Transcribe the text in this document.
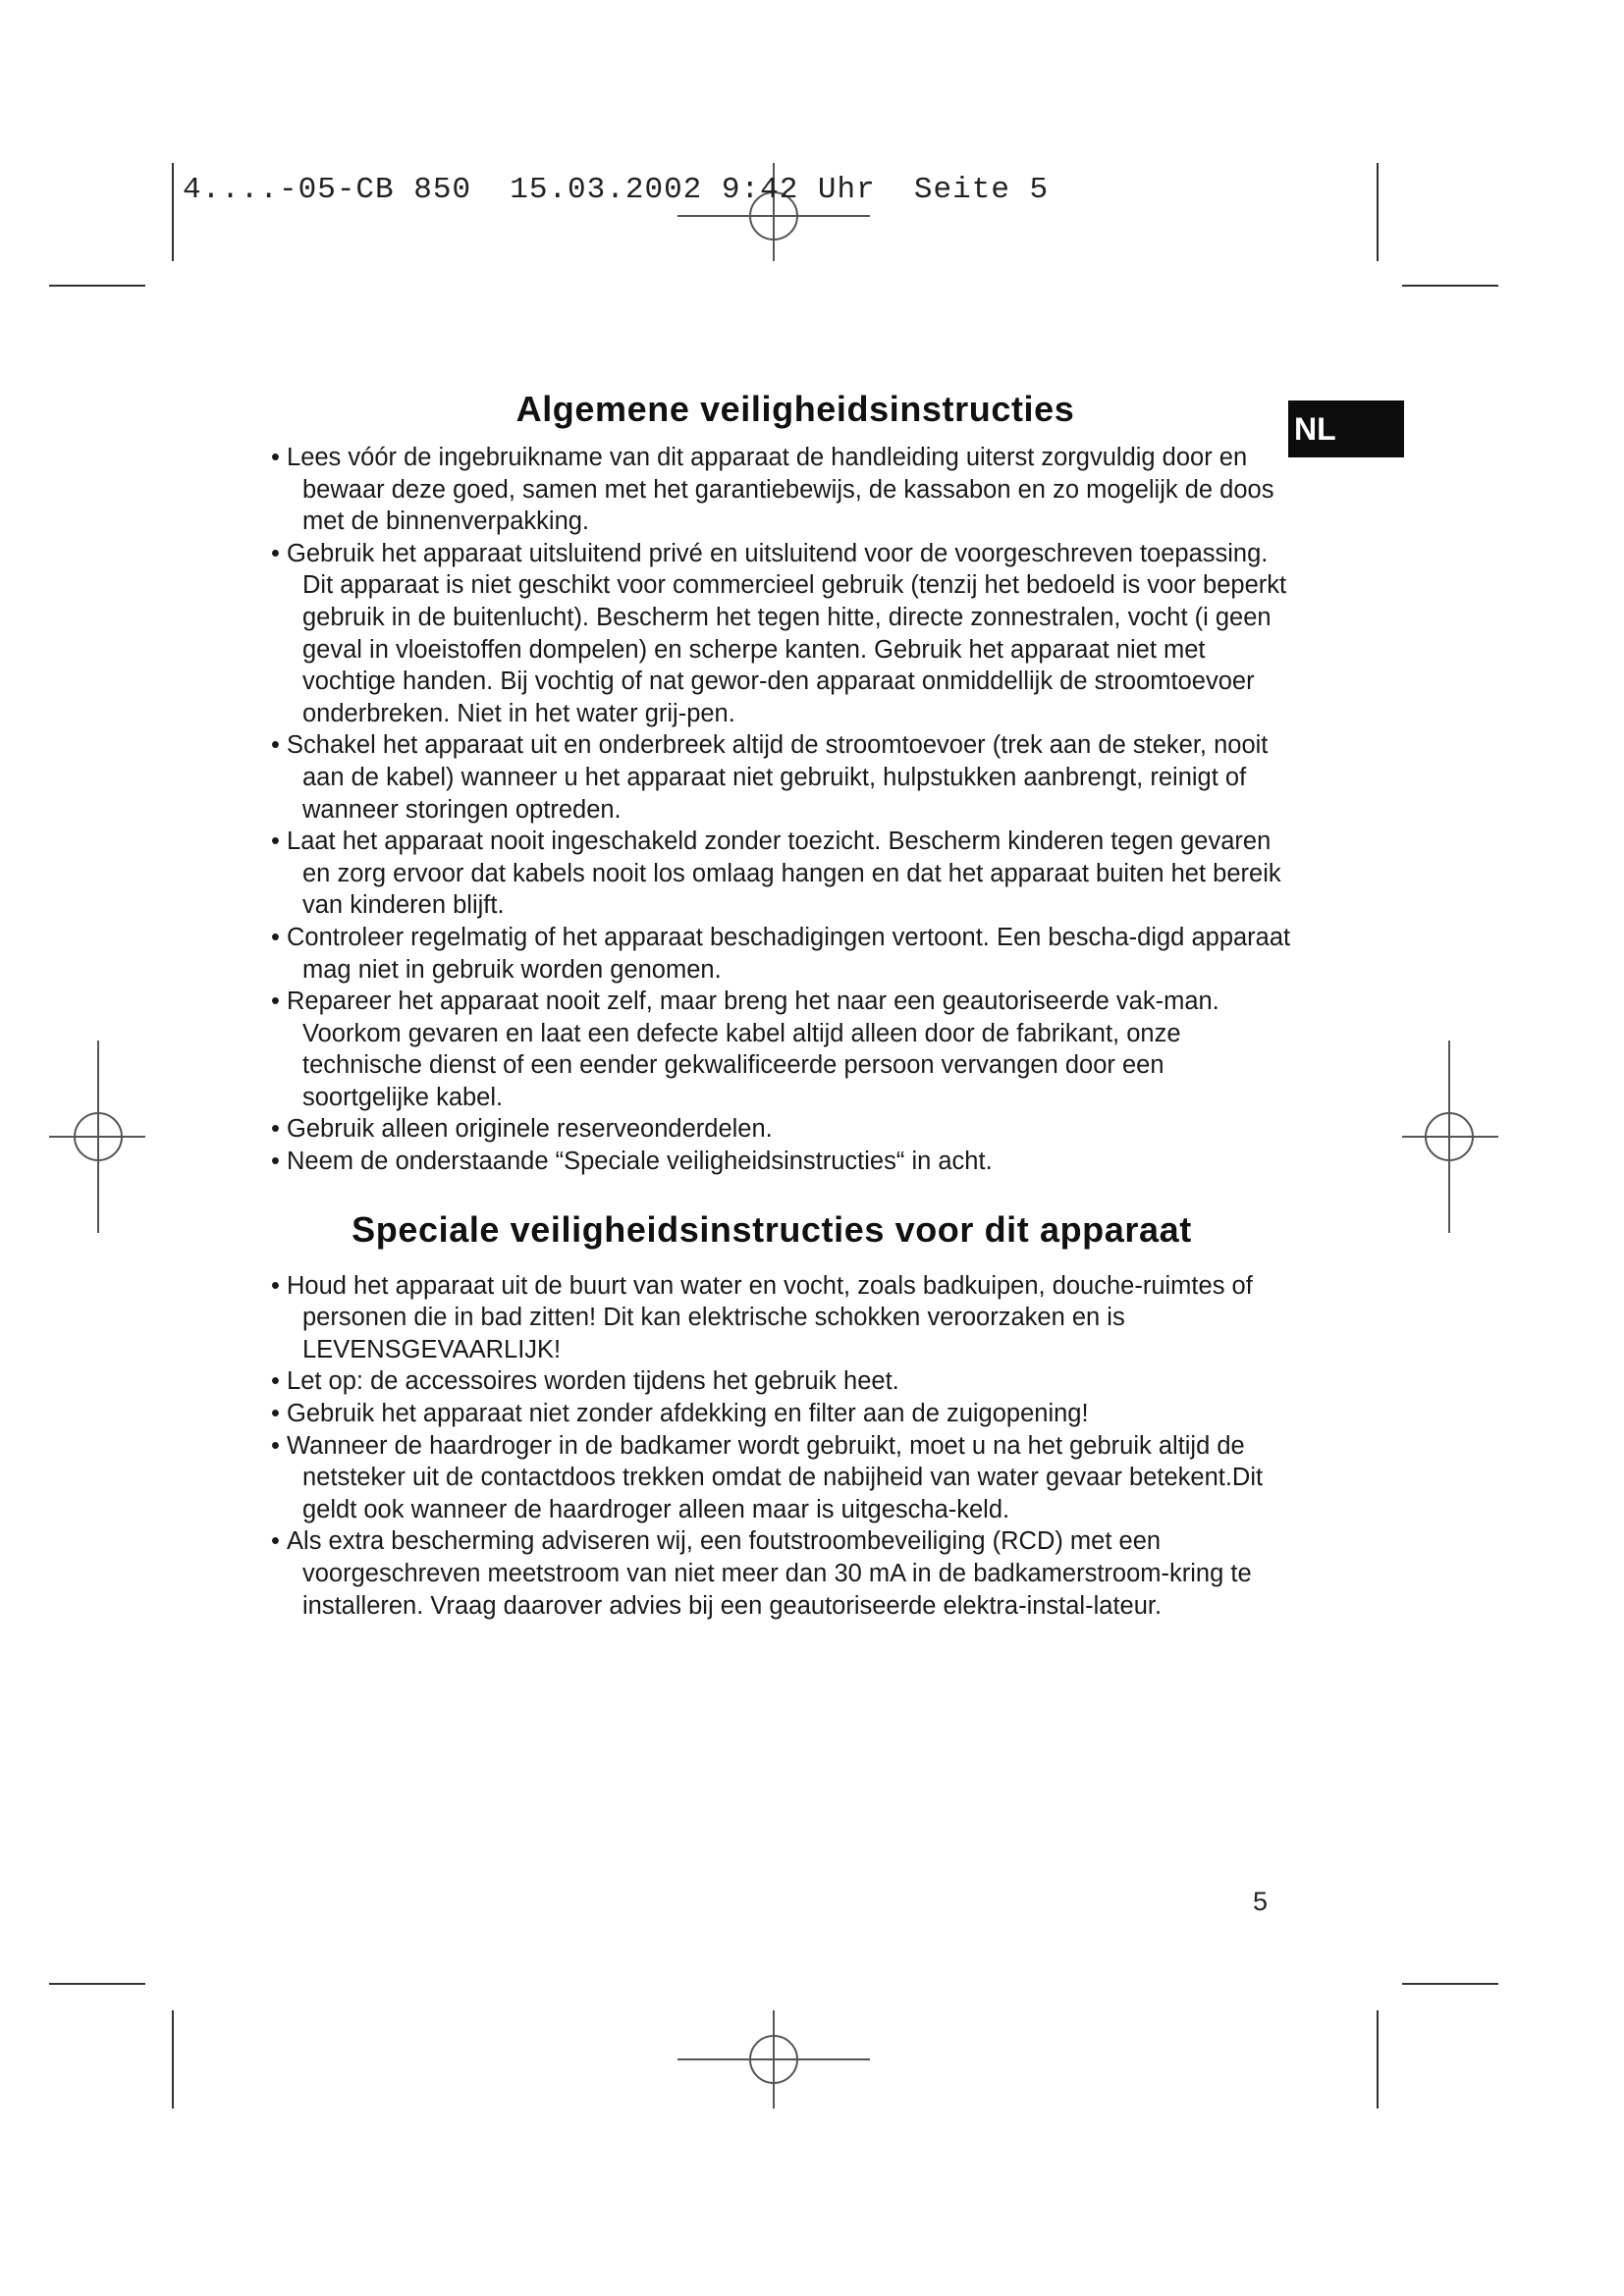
4....-05-CB 850  15.03.2002 9:42 Uhr  Seite 5
NL
Algemene veiligheidsinstructies
• Lees vóór de ingebruikname van dit apparaat de handleiding uiterst zorgvuldig door en bewaar deze goed, samen met het garantiebewijs, de kassabon en zo mogelijk de doos met de binnenverpakking.
• Gebruik het apparaat uitsluitend privé en uitsluitend voor de voorgeschreven toepassing. Dit apparaat is niet geschikt voor commercieel gebruik (tenzij het bedoeld is voor beperkt gebruik in de buitenlucht). Bescherm het tegen hitte, directe zonnestralen, vocht (i geen geval in vloeistoffen dompelen) en scherpe kanten. Gebruik het apparaat niet met vochtige handen. Bij vochtig of nat gewor-den apparaat onmiddellijk de stroomtoevoer onderbreken. Niet in het water grij-pen.
• Schakel het apparaat uit en onderbreek altijd de stroomtoevoer (trek aan de steker, nooit aan de kabel) wanneer u het apparaat niet gebruikt, hulpstukken aanbrengt, reinigt of wanneer storingen optreden.
• Laat het apparaat nooit ingeschakeld zonder toezicht. Bescherm kinderen tegen gevaren en zorg ervoor dat kabels nooit los omlaag hangen en dat het apparaat buiten het bereik van kinderen blijft.
• Controleer regelmatig of het apparaat beschadigingen vertoont. Een bescha-digd apparaat mag niet in gebruik worden genomen.
• Repareer het apparaat nooit zelf, maar breng het naar een geautoriseerde vak-man. Voorkom gevaren en laat een defecte kabel altijd alleen door de fabrikant, onze technische dienst of een eender gekwalificeerde persoon vervangen door een soortgelijke kabel.
• Gebruik alleen originele reserveonderdelen.
• Neem de onderstaande “Speciale veiligheidsinstructies“ in acht.
Speciale veiligheidsinstructies voor dit apparaat
• Houd het apparaat uit de buurt van water en vocht, zoals badkuipen, douche-ruimtes of personen die in bad zitten! Dit kan elektrische schokken veroorzaken en is LEVENSGEVAARLIJK!
• Let op: de accessoires worden tijdens het gebruik heet.
• Gebruik het apparaat niet zonder afdekking en filter aan de zuigopening!
• Wanneer de haardroger in de badkamer wordt gebruikt, moet u na het gebruik altijd de netsteker uit de contactdoos trekken omdat de nabijheid van water gevaar betekent.Dit geldt ook wanneer de haardroger alleen maar is uitgescha-keld.
• Als extra bescherming adviseren wij, een foutstroombeveiliging (RCD) met een voorgeschreven meetstroom van niet meer dan 30 mA in de badkamerstroom-kring te installeren. Vraag daarover advies bij een geautoriseerde elektra-instal-lateur.
5
